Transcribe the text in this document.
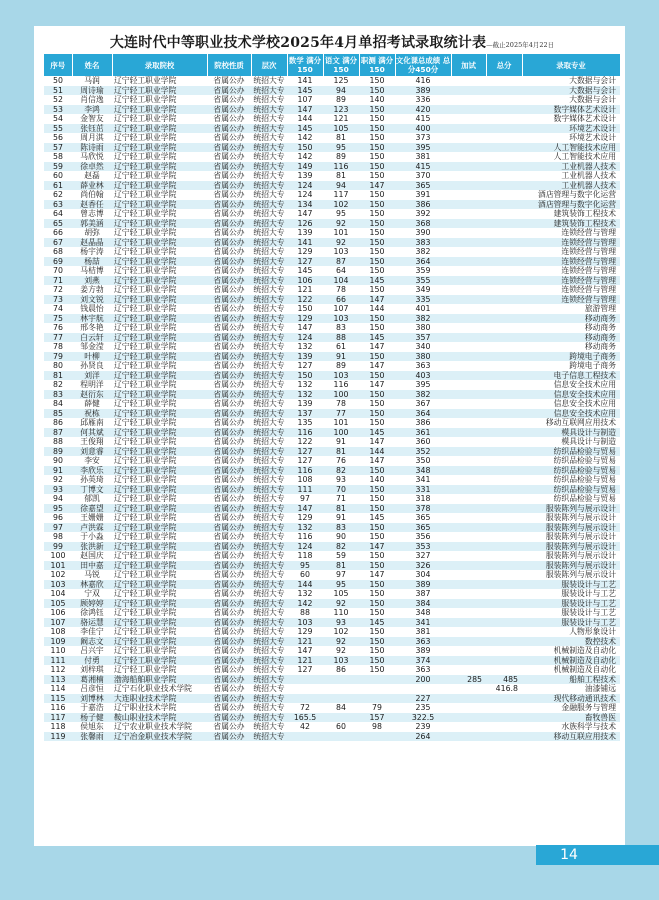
大连时代中等职业技术学校2025年4月单招考试录取统计表—截止2025年4月22日
序号	姓名	录取院校	院校性质	层次	数学 满分150	语文 满分150	职测 满分150	文化课总成绩 总分450分	加试	总分	录取专业
50	马润	辽宁轻工职业学院	省属公办	统招大专	141	125	150	416			大数据与会计
51	周诗瑜	辽宁轻工职业学院	省属公办	统招大专	145	94	150	389			大数据与会计
52	肖信逸	辽宁轻工职业学院	省属公办	统招大专	107	89	140	336			大数据与会计
53	李鸿	辽宁轻工职业学院	省属公办	统招大专	147	123	150	420			数字媒体艺术设计
54	金智友	辽宁轻工职业学院	省属公办	统招大专	144	121	150	415			数字媒体艺术设计
55	张钰茁	辽宁轻工职业学院	省属公办	统招大专	145	105	150	400			环境艺术设计
56	周月淇	辽宁轻工职业学院	省属公办	统招大专	142	81	150	373			环境艺术设计
57	陈诗雨	辽宁轻工职业学院	省属公办	统招大专	150	95	150	395			人工智能技术应用
58	马欣悦	辽宁轻工职业学院	省属公办	统招大专	142	89	150	381			人工智能技术应用
59	徐卓然	辽宁轻工职业学院	省属公办	统招大专	149	116	150	415			工业机器人技术
60	赵磊	辽宁轻工职业学院	省属公办	统招大专	139	81	150	370			工业机器人技术
61	薛业林	辽宁轻工职业学院	省属公办	统招大专	124	94	147	365			工业机器人技术
62	尚伯翰	辽宁轻工职业学院	省属公办	统招大专	124	117	150	391			酒店管理与数字化运营
63	赵香任	辽宁轻工职业学院	省属公办	统招大专	134	102	150	386			酒店管理与数字化运营
64	曾志博	辽宁轻工职业学院	省属公办	统招大专	147	95	150	392			建筑装饰工程技术
65	郭美涵	辽宁轻工职业学院	省属公办	统招大专	126	92	150	368			建筑装饰工程技术
66	胡弥	辽宁轻工职业学院	省属公办	统招大专	139	101	150	390			连锁经营与管理
67	赵晶晶	辽宁轻工职业学院	省属公办	统招大专	141	92	150	383			连锁经营与管理
68	杨宇涛	辽宁轻工职业学院	省属公办	统招大专	129	103	150	382			连锁经营与管理
69	杨喆	辽宁轻工职业学院	省属公办	统招大专	127	87	150	364			连锁经营与管理
70	马桔博	辽宁轻工职业学院	省属公办	统招大专	145	64	150	359			连锁经营与管理
71	刘燕	辽宁轻工职业学院	省属公办	统招大专	106	104	145	355			连锁经营与管理
72	姜方勃	辽宁轻工职业学院	省属公办	统招大专	121	78	150	349			连锁经营与管理
73	刘文锐	辽宁轻工职业学院	省属公办	统招大专	122	66	147	335			连锁经营与管理
74	钱晨怡	辽宁轻工职业学院	省属公办	统招大专	150	107	144	401			旅游管理
75	林宇航	辽宁轻工职业学院	省属公办	统招大专	129	103	150	382			移动商务
76	邢冬艳	辽宁轻工职业学院	省属公办	统招大专	147	83	150	380			移动商务
77	白云轩	辽宁轻工职业学院	省属公办	统招大专	124	88	145	357			移动商务
78	邹金滢	辽宁轻工职业学院	省属公办	统招大专	132	61	147	340			移动商务
79	叶柳	辽宁轻工职业学院	省属公办	统招大专	139	91	150	380			跨境电子商务
80	孙贤良	辽宁轻工职业学院	省属公办	统招大专	127	89	147	363			跨境电子商务
81	刘洋	辽宁轻工职业学院	省属公办	统招大专	150	103	150	403			电子信息工程技术
82	程明洋	辽宁轻工职业学院	省属公办	统招大专	132	116	147	395			信息安全技术应用
83	赵衍东	辽宁轻工职业学院	省属公办	统招大专	132	100	150	382			信息安全技术应用
84	薛健	辽宁轻工职业学院	省属公办	统招大专	139	78	150	367			信息安全技术应用
85	祝栋	辽宁轻工职业学院	省属公办	统招大专	137	77	150	364			信息安全技术应用
86	邱雁南	辽宁轻工职业学院	省属公办	统招大专	135	101	150	386			移动互联网应用技术
87	何其斌	辽宁轻工职业学院	省属公办	统招大专	116	100	145	361			模具设计与制造
88	王俊翔	辽宁轻工职业学院	省属公办	统招大专	122	91	147	360			模具设计与制造
89	刘意睿	辽宁轻工职业学院	省属公办	统招大专	127	81	144	352			纺织品检验与贸易
90	李安	辽宁轻工职业学院	省属公办	统招大专	127	76	147	350			纺织品检验与贸易
91	李欣乐	辽宁轻工职业学院	省属公办	统招大专	116	82	150	348			纺织品检验与贸易
92	孙英琦	辽宁轻工职业学院	省属公办	统招大专	108	93	140	341			纺织品检验与贸易
93	丁博文	辽宁轻工职业学院	省属公办	统招大专	111	70	150	331			纺织品检验与贸易
94	郁凯	辽宁轻工职业学院	省属公办	统招大专	97	71	150	318			纺织品检验与贸易
95	徐嘉望	辽宁轻工职业学院	省属公办	统招大专	147	81	150	378			服装陈列与展示设计
96	王姗姗	辽宁轻工职业学院	省属公办	统招大专	129	91	145	365			服装陈列与展示设计
97	卢洪霖	辽宁轻工职业学院	省属公办	统招大专	132	83	150	365			服装陈列与展示设计
98	于小淼	辽宁轻工职业学院	省属公办	统招大专	116	90	150	356			服装陈列与展示设计
99	张洪新	辽宁轻工职业学院	省属公办	统招大专	124	82	147	353			服装陈列与展示设计
100	赵国庆	辽宁轻工职业学院	省属公办	统招大专	118	59	150	327			服装陈列与展示设计
101	田中嘉	辽宁轻工职业学院	省属公办	统招大专	95	81	150	326			服装陈列与展示设计
102	马锐	辽宁轻工职业学院	省属公办	统招大专	60	97	147	304			服装陈列与展示设计
103	林嘉欣	辽宁轻工职业学院	省属公办	统招大专	144	95	150	389			服装设计与工艺
104	宁双	辽宁轻工职业学院	省属公办	统招大专	132	105	150	387			服装设计与工艺
105	顾婷婷	辽宁轻工职业学院	省属公办	统招大专	142	92	150	384			服装设计与工艺
106	徐鸿钰	辽宁轻工职业学院	省属公办	统招大专	88	110	150	348			服装设计与工艺
107	骆运慧	辽宁轻工职业学院	省属公办	统招大专	103	93	145	341			服装设计与工艺
108	李佳宁	辽宁轻工职业学院	省属公办	统招大专	129	102	150	381			人物形象设计
109	阚志文	辽宁轻工职业学院	省属公办	统招大专	121	92	150	363			数控技术
110	吕兴宇	辽宁轻工职业学院	省属公办	统招大专	147	92	150	389			机械制造及自动化
111	付勇	辽宁轻工职业学院	省属公办	统招大专	121	103	150	374			机械制造及自动化
112	刘梓琪	辽宁轻工职业学院	省属公办	统招大专	127	86	150	363			机械制造及自动化
113	葛湘楠	渤海船舶职业学院	省属公办	统招大专				200	285	485	船舶工程技术
114	吕彦恒	辽宁石化职业技术学院	省属公办	统招大专						416.8	油漆铺远
115	刘博林	大连职业技术学院	省属公办	统招大专				227			现代移动通讯技术
116	于嘉浩	辽宁职业技术学院	省属公办	统招大专	72	84	79	235			金融服务与管理
117	杨子健	鞍山职业技术学院	省属公办	统招大专	165.5		157	322.5			畜牧兽医
118	侯旭东	辽宁农业职业技术学院	省属公办	统招大专	42	60	98	239			水族科学与技术
119	张馨雨	辽宁冶金职业技术学院	省属公办	统招大专				264			移动互联应用技术
14
